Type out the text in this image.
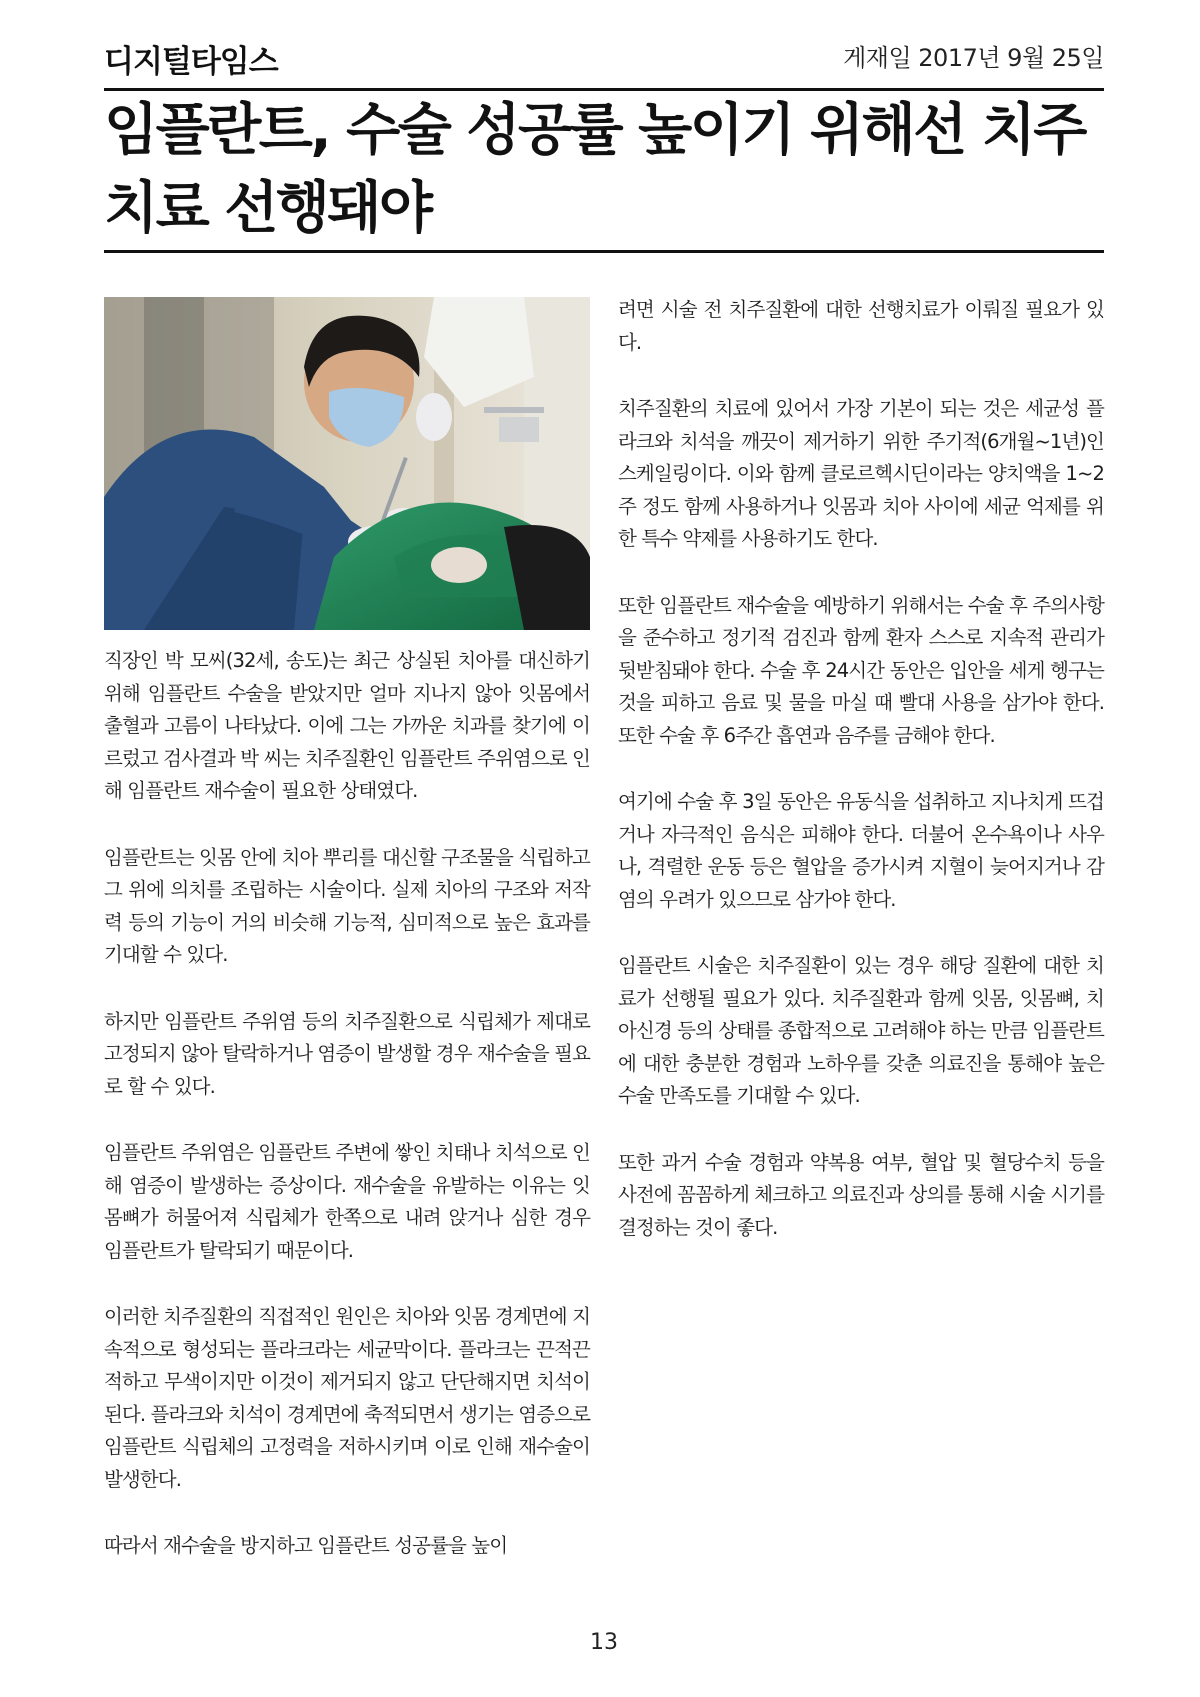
디지털타임스	게재일 2017년 9월 25일
임플란트, 수술 성공률 높이기 위해선 치주 치료 선행돼야

직장인 박 모씨(32세, 송도)는 최근 상실된 치아를 대신하기 위해 임플란트 수술을 받았지만 얼마 지나지 않아 잇몸에서 출혈과 고름이 나타났다. 이에 그는 가까운 치과를 찾기에 이르렀고 검사결과 박 씨는 치주질환인 임플란트 주위염으로 인해 임플란트 재수술이 필요한 상태였다.

임플란트는 잇몸 안에 치아 뿌리를 대신할 구조물을 식립하고 그 위에 의치를 조립하는 시술이다. 실제 치아의 구조와 저작력 등의 기능이 거의 비슷해 기능적, 심미적으로 높은 효과를 기대할 수 있다.

하지만 임플란트 주위염 등의 치주질환으로 식립체가 제대로 고정되지 않아 탈락하거나 염증이 발생할 경우 재수술을 필요로 할 수 있다.

임플란트 주위염은 임플란트 주변에 쌓인 치태나 치석으로 인해 염증이 발생하는 증상이다. 재수술을 유발하는 이유는 잇몸뼈가 허물어져 식립체가 한쪽으로 내려 앉거나 심한 경우 임플란트가 탈락되기 때문이다.

이러한 치주질환의 직접적인 원인은 치아와 잇몸 경계면에 지속적으로 형성되는 플라크라는 세균막이다. 플라크는 끈적끈적하고 무색이지만 이것이 제거되지 않고 단단해지면 치석이 된다. 플라크와 치석이 경계면에 축적되면서 생기는 염증으로 임플란트 식립체의 고정력을 저하시키며 이로 인해 재수술이 발생한다.

따라서 재수술을 방지하고 임플란트 성공률을 높이

려면 시술 전 치주질환에 대한 선행치료가 이뤄질 필요가 있다.

치주질환의 치료에 있어서 가장 기본이 되는 것은 세균성 플라크와 치석을 깨끗이 제거하기 위한 주기적(6개월~1년)인 스케일링이다. 이와 함께 클로르헥시딘이라는 양치액을 1~2주 정도 함께 사용하거나 잇몸과 치아 사이에 세균 억제를 위한 특수 약제를 사용하기도 한다.

또한 임플란트 재수술을 예방하기 위해서는 수술 후 주의사항을 준수하고 정기적 검진과 함께 환자 스스로 지속적 관리가 뒷받침돼야 한다. 수술 후 24시간 동안은 입안을 세게 헹구는 것을 피하고 음료 및 물을 마실 때 빨대 사용을 삼가야 한다. 또한 수술 후 6주간 흡연과 음주를 금해야 한다.

여기에 수술 후 3일 동안은 유동식을 섭취하고 지나치게 뜨겁거나 자극적인 음식은 피해야 한다. 더불어 온수욕이나 사우나, 격렬한 운동 등은 혈압을 증가시켜 지혈이 늦어지거나 감염의 우려가 있으므로 삼가야 한다.

임플란트 시술은 치주질환이 있는 경우 해당 질환에 대한 치료가 선행될 필요가 있다. 치주질환과 함께 잇몸, 잇몸뼈, 치아신경 등의 상태를 종합적으로 고려해야 하는 만큼 임플란트에 대한 충분한 경험과 노하우를 갖춘 의료진을 통해야 높은 수술 만족도를 기대할 수 있다.

또한 과거 수술 경험과 약복용 여부, 혈압 및 혈당수치 등을 사전에 꼼꼼하게 체크하고 의료진과 상의를 통해 시술 시기를 결정하는 것이 좋다.

13
